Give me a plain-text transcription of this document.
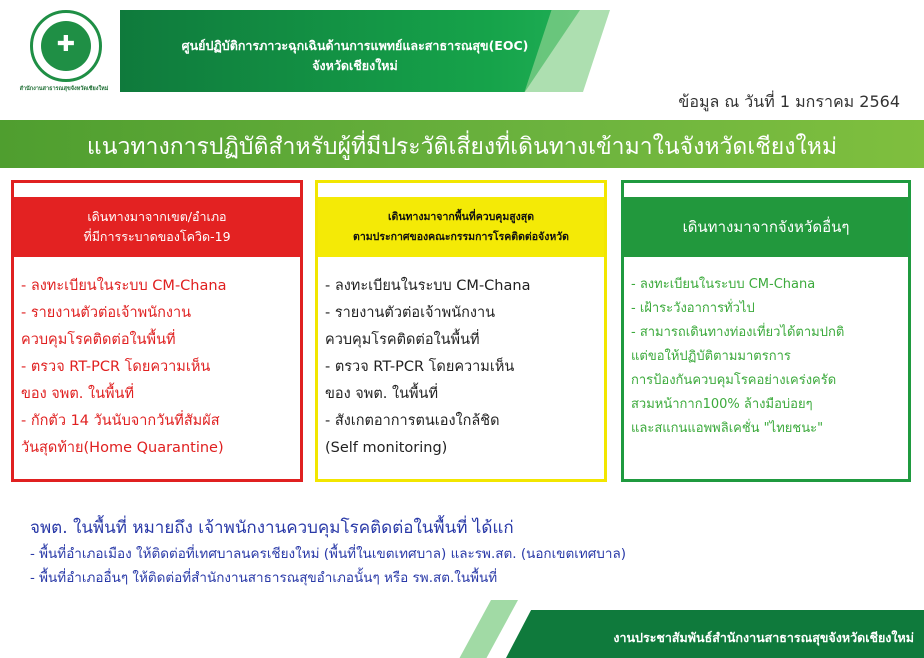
ศูนย์ปฏิบัติการภาวะฉุกเฉินด้านการแพทย์และสาธารณสุข(EOC)
จังหวัดเชียงใหม่
✚
สำนักงานสาธารณสุขจังหวัดเชียงใหม่
ข้อมูล ณ วันที่ 1 มกราคม 2564
แนวทางการปฏิบัติสำหรับผู้ที่มีประวัติเสี่ยงที่เดินทางเข้ามาในจังหวัดเชียงใหม่
เดินทางมาจากเขต/อำเภอ
ที่มีการระบาดของโควิด-19
- ลงทะเบียนในระบบ CM-Chana
- รายงานตัวต่อเจ้าพนักงาน
ควบคุมโรคติดต่อในพื้นที่
- ตรวจ RT-PCR โดยความเห็น
ของ จพต. ในพื้นที่
- กักตัว 14 วันนับจากวันที่สัมผัส
วันสุดท้าย(Home Quarantine)
เดินทางมาจากพื้นที่ควบคุมสูงสุด
ตามประกาศของคณะกรรมการโรคติดต่อจังหวัด
- ลงทะเบียนในระบบ CM-Chana
- รายงานตัวต่อเจ้าพนักงาน
ควบคุมโรคติดต่อในพื้นที่
- ตรวจ RT-PCR โดยความเห็น
ของ จพต. ในพื้นที่
- สังเกตอาการตนเองใกล้ชิด
(Self monitoring)
เดินทางมาจากจังหวัดอื่นๆ
- ลงทะเบียนในระบบ CM-Chana
- เฝ้าระวังอาการทั่วไป
- สามารถเดินทางท่องเที่ยวได้ตามปกติ
แต่ขอให้ปฏิบัติตามมาตรการ
การป้องกันควบคุมโรคอย่างเคร่งครัด
สวมหน้ากาก100% ล้างมือบ่อยๆ
และสแกนแอพพลิเคชั่น "ไทยชนะ"
จพต. ในพื้นที่ หมายถึง เจ้าพนักงานควบคุมโรคติดต่อในพื้นที่ ได้แก่
- พื้นที่อำเภอเมือง ให้ติดต่อที่เทศบาลนครเชียงใหม่ (พื้นที่ในเขตเทศบาล) และรพ.สต. (นอกเขตเทศบาล)
- พื้นที่อำเภออื่นๆ ให้ติดต่อที่สำนักงานสาธารณสุขอำเภอนั้นๆ หรือ รพ.สต.ในพื้นที่
งานประชาสัมพันธ์สำนักงานสาธารณสุขจังหวัดเชียงใหม่
